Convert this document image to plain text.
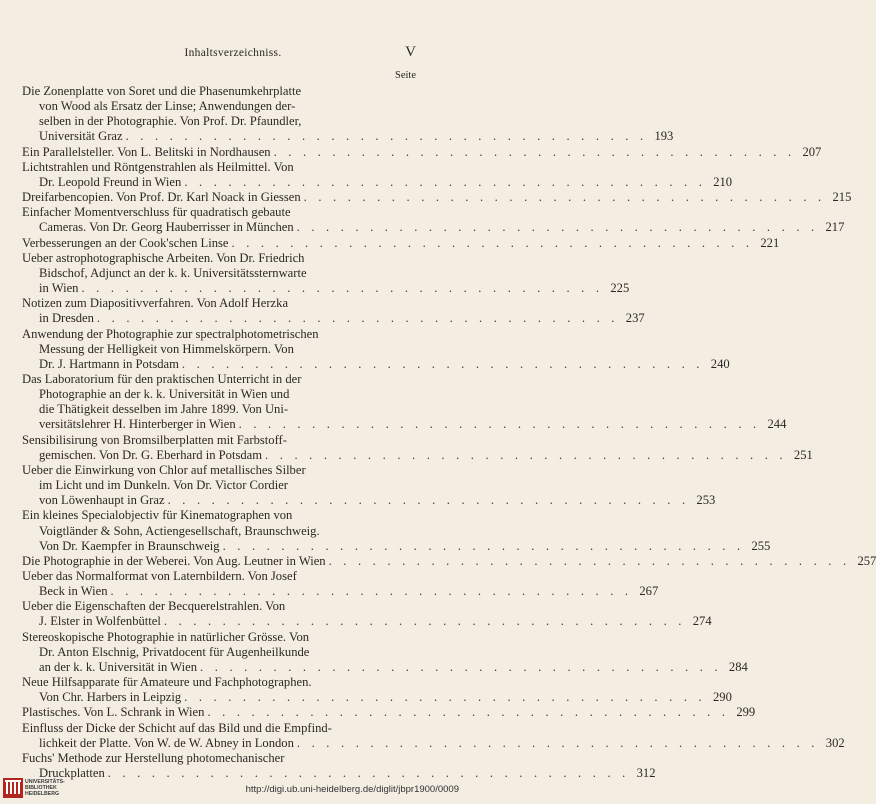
Inhaltsverzeichniss.	V
Seite
Die Zonenplatte von Soret und die Phasenumkehrplatte
von Wood als Ersatz der Linse; Anwendungen der-
selben in der Photographie. Von Prof. Dr. Pfaundler,
Universität Graz . . . . . . . . . . . . . . . . . . . . . . . . . . . . . . . . . . . . 193
Ein Parallelsteller. Von L. Belitski in Nordhausen . . . . . . . . . . . . . . . . . . . . . . . . . . . . . . . . . . . . 207
Lichtstrahlen und Röntgenstrahlen als Heilmittel. Von
Dr. Leopold Freund in Wien . . . . . . . . . . . . . . . . . . . . . . . . . . . . . . . . . . . . 210
Dreifarbencopien. Von Prof. Dr. Karl Noack in Giessen . . . . . . . . . . . . . . . . . . . . . . . . . . . . . . . . . . . . 215
Einfacher Momentverschluss für quadratisch gebaute
Cameras. Von Dr. Georg Hauberrisser in München . . . . . . . . . . . . . . . . . . . . . . . . . . . . . . . . . . . . 217
Verbesserungen an der Cook'schen Linse . . . . . . . . . . . . . . . . . . . . . . . . . . . . . . . . . . . . 221
Ueber astrophotographische Arbeiten. Von Dr. Friedrich
Bidschof, Adjunct an der k. k. Universitätssternwarte
in Wien . . . . . . . . . . . . . . . . . . . . . . . . . . . . . . . . . . . . 225
Notizen zum Diapositivverfahren. Von Adolf Herzka
in Dresden . . . . . . . . . . . . . . . . . . . . . . . . . . . . . . . . . . . . 237
Anwendung der Photographie zur spectralphotometrischen
Messung der Helligkeit von Himmelskörpern. Von
Dr. J. Hartmann in Potsdam . . . . . . . . . . . . . . . . . . . . . . . . . . . . . . . . . . . . 240
Das Laboratorium für den praktischen Unterricht in der
Photographie an der k. k. Universität in Wien und
die Thätigkeit desselben im Jahre 1899. Von Uni-
versitätslehrer H. Hinterberger in Wien . . . . . . . . . . . . . . . . . . . . . . . . . . . . . . . . . . . . 244
Sensibilisirung von Bromsilberplatten mit Farbstoff-
gemischen. Von Dr. G. Eberhard in Potsdam . . . . . . . . . . . . . . . . . . . . . . . . . . . . . . . . . . . . 251
Ueber die Einwirkung von Chlor auf metallisches Silber
im Licht und im Dunkeln. Von Dr. Victor Cordier
von Löwenhaupt in Graz . . . . . . . . . . . . . . . . . . . . . . . . . . . . . . . . . . . . 253
Ein kleines Specialobjectiv für Kinematographen von
Voigtländer & Sohn, Actiengesellschaft, Braunschweig.
Von Dr. Kaempfer in Braunschweig . . . . . . . . . . . . . . . . . . . . . . . . . . . . . . . . . . . . 255
Die Photographie in der Weberei. Von Aug. Leutner in Wien . . . . . . . . . . . . . . . . . . . . . . . . . . . . . . . . . . . . 257
Ueber das Normalformat von Laternbildern. Von Josef
Beck in Wien . . . . . . . . . . . . . . . . . . . . . . . . . . . . . . . . . . . . 267
Ueber die Eigenschaften der Becquerelstrahlen. Von
J. Elster in Wolfenbüttel . . . . . . . . . . . . . . . . . . . . . . . . . . . . . . . . . . . . 274
Stereoskopische Photographie in natürlicher Grösse. Von
Dr. Anton Elschnig, Privatdocent für Augenheilkunde
an der k. k. Universität in Wien . . . . . . . . . . . . . . . . . . . . . . . . . . . . . . . . . . . . 284
Neue Hilfsapparate für Amateure und Fachphotographen.
Von Chr. Harbers in Leipzig . . . . . . . . . . . . . . . . . . . . . . . . . . . . . . . . . . . . 290
Plastisches. Von L. Schrank in Wien . . . . . . . . . . . . . . . . . . . . . . . . . . . . . . . . . . . . 299
Einfluss der Dicke der Schicht auf das Bild und die Empfind-
lichkeit der Platte. Von W. de W. Abney in London . . . . . . . . . . . . . . . . . . . . . . . . . . . . . . . . . . . . 302
Fuchs' Methode zur Herstellung photomechanischer
Druckplatten . . . . . . . . . . . . . . . . . . . . . . . . . . . . . . . . . . . . 312
UNIVERSITÄTS-
BIBLIOTHEK
HEIDELBERG	http://digi.ub.uni-heidelberg.de/diglit/jbpr1900/0009
